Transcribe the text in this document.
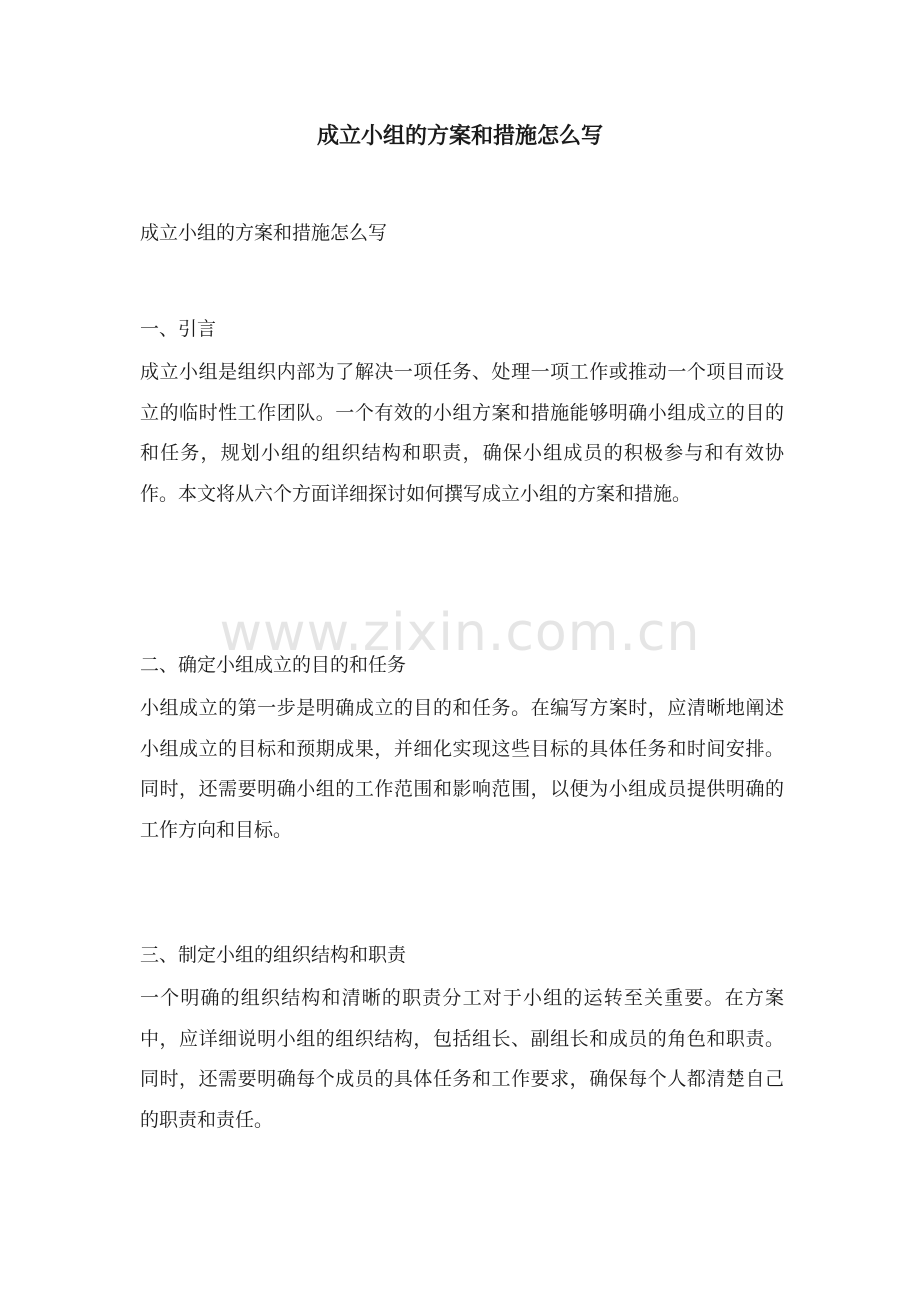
成立小组的方案和措施怎么写

成立小组的方案和措施怎么写

一、引言

成立小组是组织内部为了解决一项任务、处理一项工作或推动一个项目而设立的临时性工作团队。一个有效的小组方案和措施能够明确小组成立的目的和任务，规划小组的组织结构和职责，确保小组成员的积极参与和有效协作。本文将从六个方面详细探讨如何撰写成立小组的方案和措施。

二、确定小组成立的目的和任务

小组成立的第一步是明确成立的目的和任务。在编写方案时，应清晰地阐述小组成立的目标和预期成果，并细化实现这些目标的具体任务和时间安排。同时，还需要明确小组的工作范围和影响范围，以便为小组成员提供明确的工作方向和目标。

三、制定小组的组织结构和职责

一个明确的组织结构和清晰的职责分工对于小组的运转至关重要。在方案中，应详细说明小组的组织结构，包括组长、副组长和成员的角色和职责。同时，还需要明确每个成员的具体任务和工作要求，确保每个人都清楚自己的职责和责任。

www.zixin.com.cn
